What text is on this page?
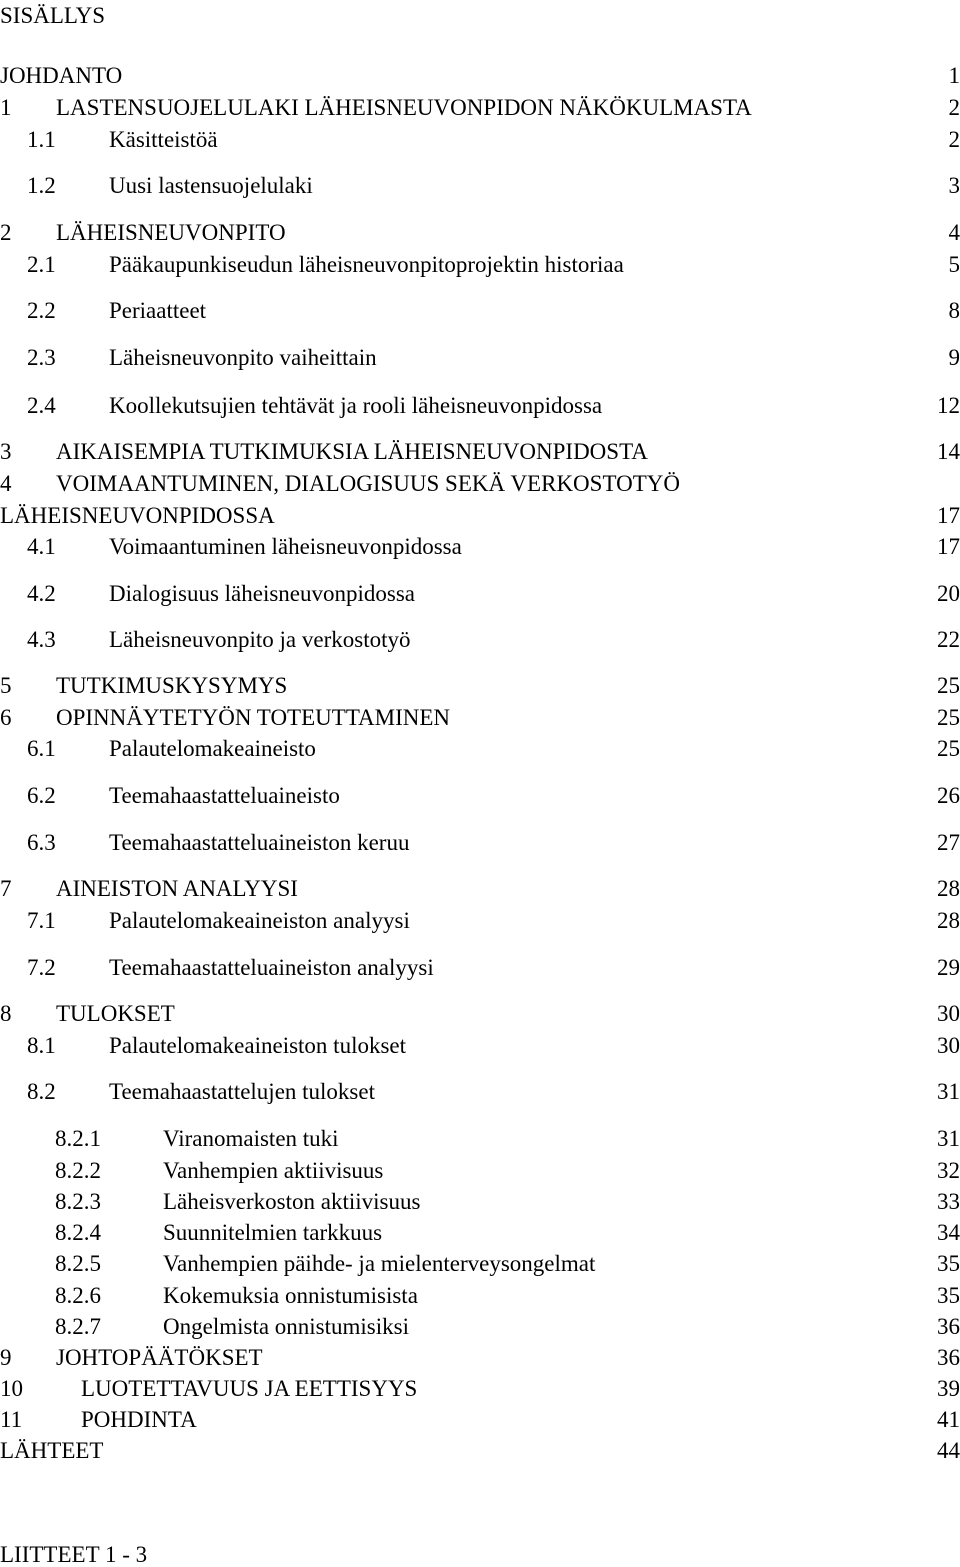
SISÄLLYS
JOHDANTO	1
1 LASTENSUOJELULAKI LÄHEISNEUVONPIDON NÄKÖKULMASTA	2
1.1 Käsitteistöä	2
1.2 Uusi lastensuojelulaki	3
2 LÄHEISNEUVONPITO	4
2.1 Pääkaupunkiseudun läheisneuvonpitoprojektin historiaa	5
2.2 Periaatteet	8
2.3 Läheisneuvonpito vaiheittain	9
2.4 Koollekutsujien tehtävät ja rooli läheisneuvonpidossa	12
3 AIKAISEMPIA TUTKIMUKSIA LÄHEISNEUVONPIDOSTA	14
4 VOIMAANTUMINEN, DIALOGISUUS SEKÄ VERKOSTOTYÖ
LÄHEISNEUVONPIDOSSA	17
4.1 Voimaantuminen läheisneuvonpidossa	17
4.2 Dialogisuus läheisneuvonpidossa	20
4.3 Läheisneuvonpito ja verkostotyö	22
5 TUTKIMUSKYSYMYS	25
6 OPINNÄYTETYÖN TOTEUTTAMINEN	25
6.1 Palautelomakeaineisto	25
6.2 Teemahaastatteluaineisto	26
6.3 Teemahaastatteluaineiston keruu	27
7 AINEISTON ANALYYSI	28
7.1 Palautelomakeaineiston analyysi	28
7.2 Teemahaastatteluaineiston analyysi	29
8 TULOKSET	30
8.1 Palautelomakeaineiston tulokset	30
8.2 Teemahaastattelujen tulokset	31
8.2.1	Viranomaisten tuki	31
8.2.2	Vanhempien aktiivisuus	32
8.2.3	Läheisverkoston aktiivisuus	33
8.2.4	Suunnitelmien tarkkuus	34
8.2.5	Vanhempien päihde- ja mielenterveysongelmat	35
8.2.6	Kokemuksia onnistumisista	35
8.2.7	Ongelmista onnistumisiksi	36
9 JOHTOPÄÄTÖKSET	36
10	LUOTETTAVUUS JA EETTISYYS	39
11	POHDINTA	41
LÄHTEET	44
LIITTEET 1 - 3
